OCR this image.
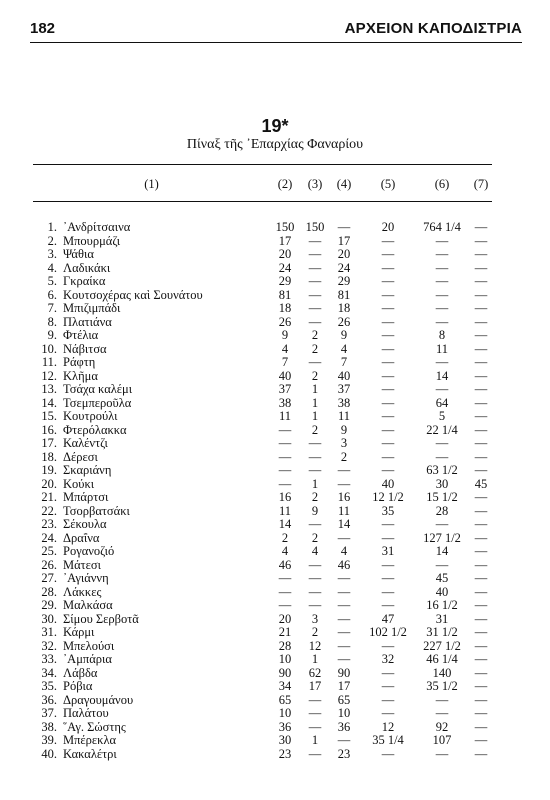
182	ΑΡΧΕΙΟΝ ΚΑΠΟΔΙΣΤΡΙΑ
19*
Πίναξ τῆς ᾿Επαρχίας Φαναρίου
(1)		(2)	(3)	(4)	(5)	(6)	(7)

1.	᾿Ανδρίτσαινα	150	150	—	20	764 1/4	—
2.	Μπουρμάζι	17	—	17	—	—	—
3.	Ψάθια	20	—	20	—	—	—
4.	Λαδικάκι	24	—	24	—	—	—
5.	Γκραίκα	29	—	29	—	—	—
6.	Κουτσοχέρας καὶ Σουνάτου	81	—	81	—	—	—
7.	Μπιζιμπάδι	18	—	18	—	—	—
8.	Πλατιάνα	26	—	26	—	—	—
9.	Φτέλια	9	2	9	—	8	—
10.	Νάβιτσα	4	2	4	—	11	—
11.	Ράφτη	7	—	7	—	—	—
12.	Κλῆμα	40	2	40	—	14	—
13.	Τσάχα καλέμι	37	1	37	—	—	—
14.	Τσεμπεροῦλα	38	1	38	—	64	—
15.	Κουτρούλι	11	1	11	—	5	—
16.	Φτερόλακκα	—	2	9	—	22 1/4	—
17.	Καλέντζι	—	—	3	—	—	—
18.	Δέρεσι	—	—	2	—	—	—
19.	Σκαριάνη	—	—	—	—	63 1/2	—
20.	Κούκι	—	1	—	40	30	45
21.	Μπάρτσι	16	2	16	12 1/2	15 1/2	—
22.	Τσορβατσάκι	11	9	11	35	28	—
23.	Σέκουλα	14	—	14	—	—	—
24.	Δραΐνα	2	2	—	—	127 1/2	—
25.	Ρογανοζιό	4	4	4	31	14	—
26.	Μάτεσι	46	—	46	—	—	—
27.	᾿Αγιάννη	—	—	—	—	45	—
28.	Λάκκες	—	—	—	—	40	—
29.	Μαλκάσα	—	—	—	—	16 1/2	—
30.	Σίμου Σερβοτᾶ	20	3	—	47	31	—
31.	Κάρμι	21	2	—	102 1/2	31 1/2	—
32.	Μπελούσι	28	12	—	—	227 1/2	—
33.	᾿Αμπάρια	10	1	—	32	46 1/4	—
34.	Λάβδα	90	62	90	—	140	—
35.	Ρόβια	34	17	17	—	35 1/2	—
36.	Δραγουμάνου	65	—	65	—	—	—
37.	Παλάτου	10	—	10	—	—	—
38.	῞Αγ. Σώστης	36	—	36	12	92	—
39.	Μπέρεκλα	30	1	—	35 1/4	107	—
40.	Κακαλέτρι	23	—	23	—	—	—
